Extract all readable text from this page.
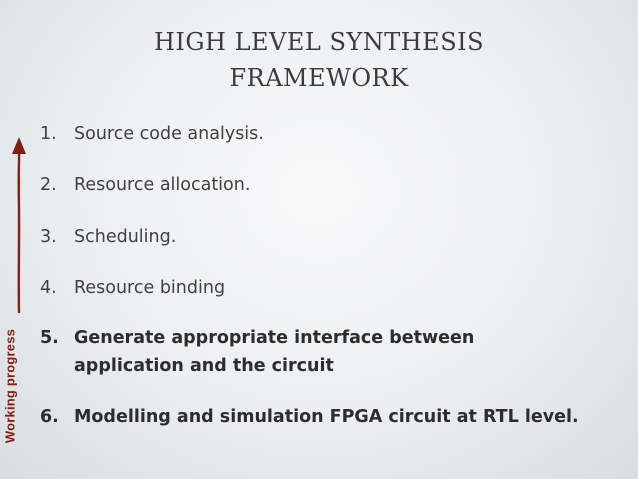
HIGH LEVEL SYNTHESIS
FRAMEWORK
Working progress
1. Source code analysis.
2. Resource allocation.
3. Scheduling.
4. Resource binding
5. Generate appropriate interface between application and the circuit
6. Modelling and simulation FPGA circuit at RTL level.
